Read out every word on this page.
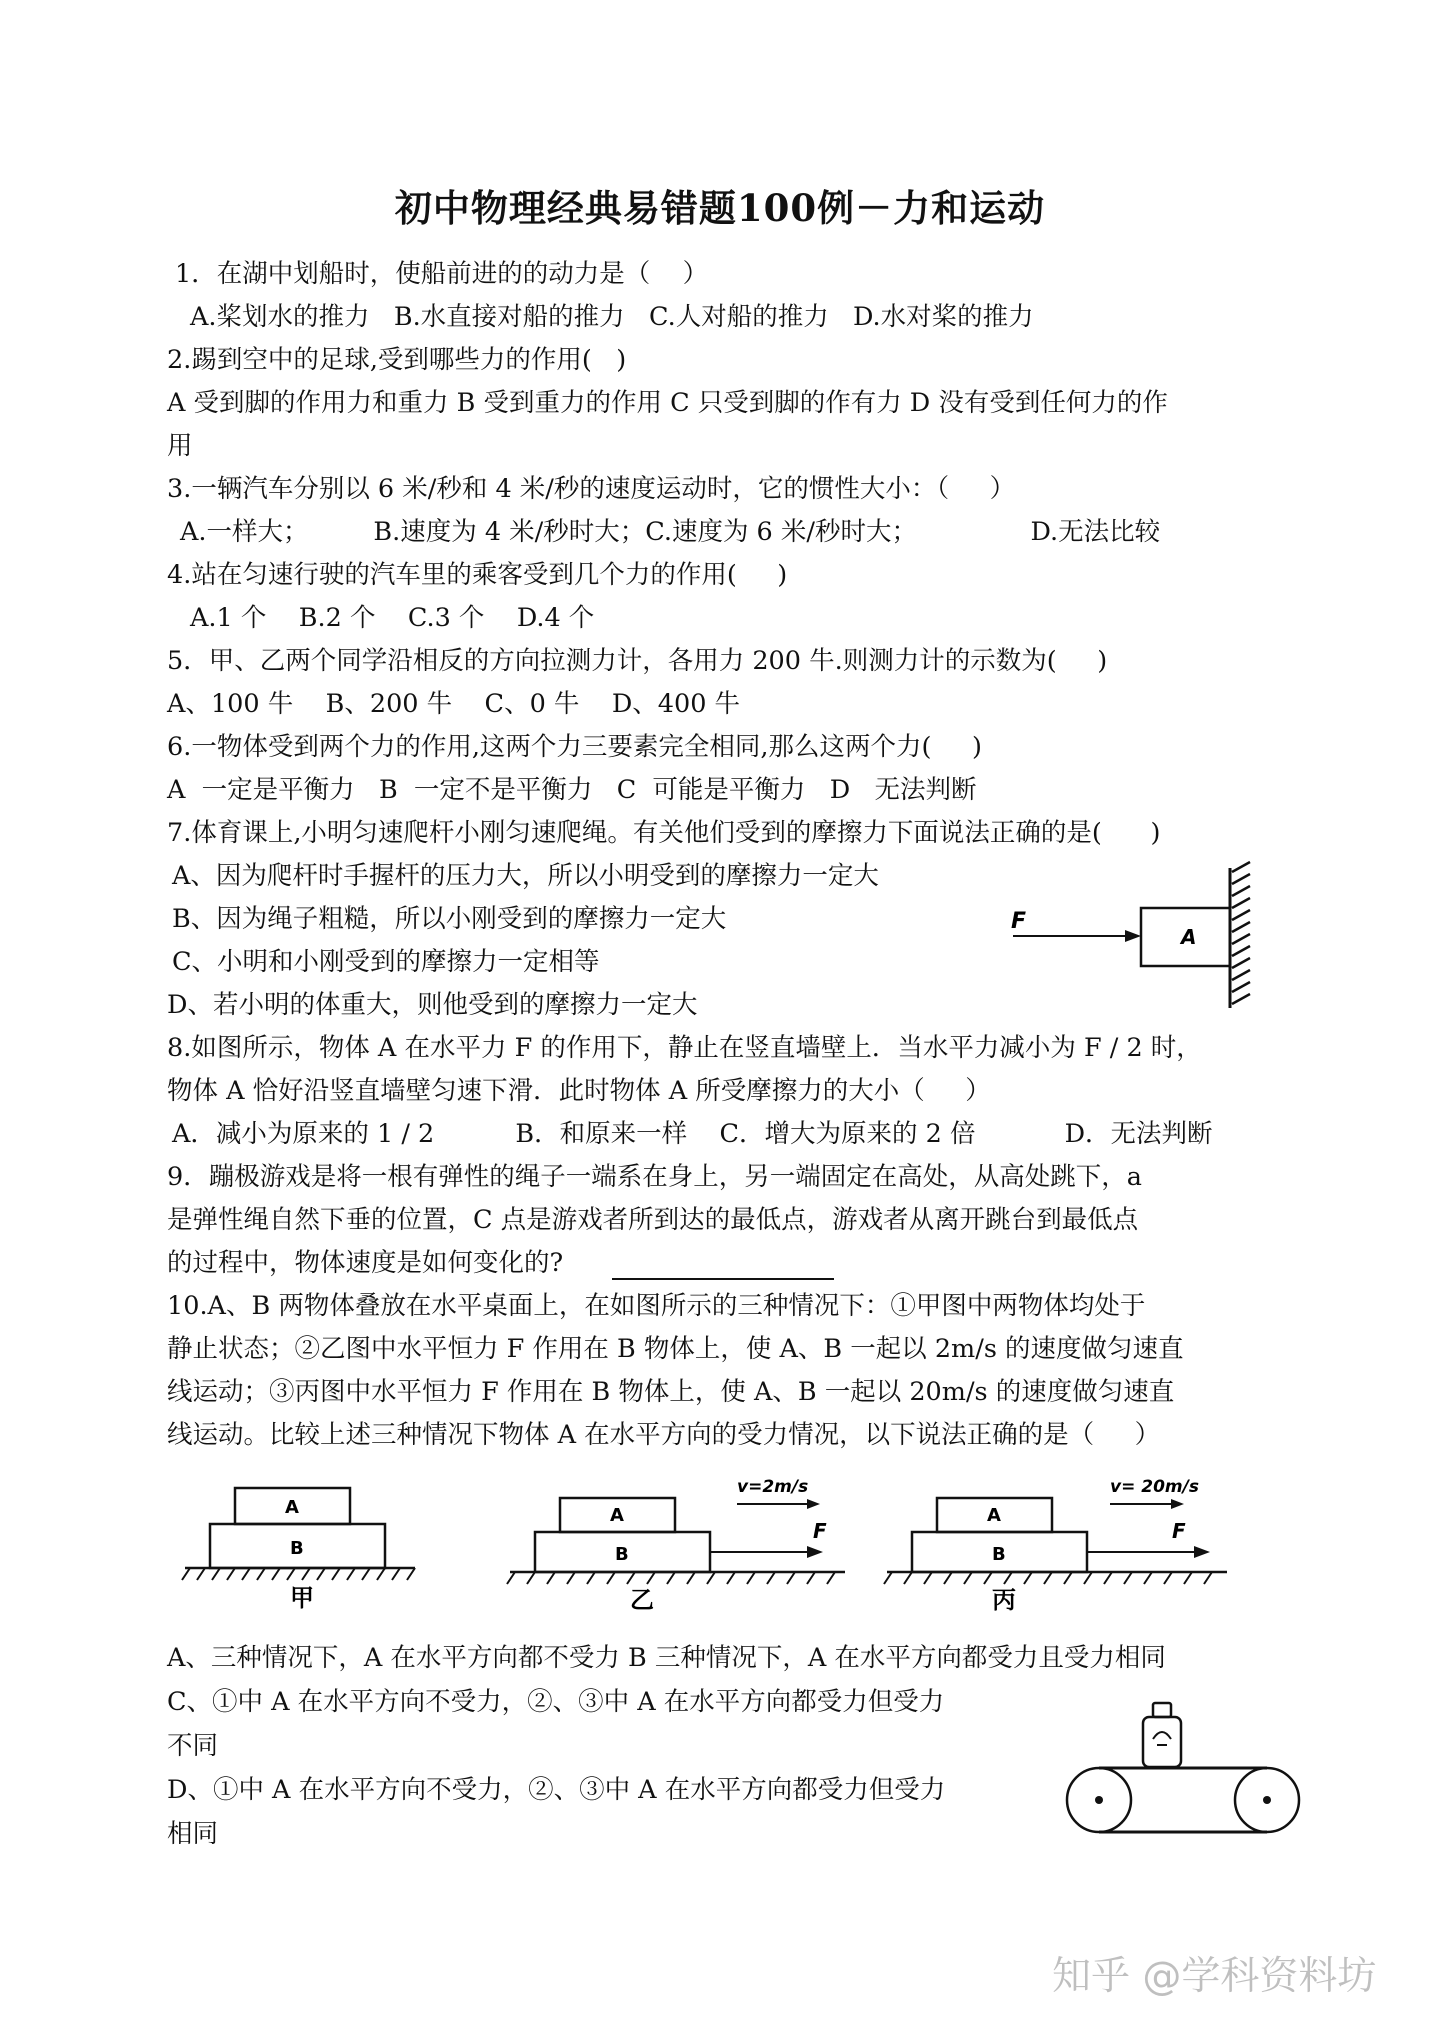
初中物理经典易错题100例－力和运动
1．在湖中划船时，使船前进的的动力是（    ）
A.桨划水的推力   B.水直接对船的推力   C.人对船的推力   D.水对桨的推力
2.踢到空中的足球,受到哪些力的作用(   )
A 受到脚的作用力和重力 B 受到重力的作用 C 只受到脚的作有力 D 没有受到任何力的作
用
3.一辆汽车分别以 6 米/秒和 4 米/秒的速度运动时，它的惯性大小：（     ）
A.一样大；        B.速度为 4 米/秒时大；C.速度为 6 米/秒时大；              D.无法比较
4.站在匀速行驶的汽车里的乘客受到几个力的作用(     )
A.1 个    B.2 个    C.3 个    D.4 个
5．甲、乙两个同学沿相反的方向拉测力计，各用力 200 牛.则测力计的示数为(     )
A、100 牛    B、200 牛    C、0 牛    D、400 牛
6.一物体受到两个力的作用,这两个力三要素完全相同,那么这两个力(     )
A  一定是平衡力   B  一定不是平衡力   C  可能是平衡力   D   无法判断
7.体育课上,小明匀速爬杆小刚匀速爬绳。有关他们受到的摩擦力下面说法正确的是(      )
A、因为爬杆时手握杆的压力大，所以小明受到的摩擦力一定大
B、因为绳子粗糙，所以小刚受到的摩擦力一定大
C、小明和小刚受到的摩擦力一定相等
D、若小明的体重大，则他受到的摩擦力一定大
8.如图所示，物体 A 在水平力 F 的作用下，静止在竖直墙壁上．当水平力减小为 F / 2 时，
物体 A 恰好沿竖直墙壁匀速下滑．此时物体 A 所受摩擦力的大小（     ）
A．减小为原来的 1 / 2          B．和原来一样    C．增大为原来的 2 倍           D．无法判断
9．蹦极游戏是将一根有弹性的绳子一端系在身上，另一端固定在高处，从高处跳下，a
是弹性绳自然下垂的位置，C 点是游戏者所到达的最低点，游戏者从离开跳台到最低点
的过程中，物体速度是如何变化的?
10.A、B 两物体叠放在水平桌面上，在如图所示的三种情况下：①甲图中两物体均处于
静止状态；②乙图中水平恒力 F 作用在 B 物体上，使 A、B 一起以 2m/s 的速度做匀速直
线运动；③丙图中水平恒力 F 作用在 B 物体上，使 A、B 一起以 20m/s 的速度做匀速直
线运动。比较上述三种情况下物体 A 在水平方向的受力情况，以下说法正确的是（     ）
A、三种情况下，A 在水平方向都不受力 B 三种情况下，A 在水平方向都受力且受力相同
C、①中 A 在水平方向不受力，②、③中 A 在水平方向都受力但受力
不同
D、①中 A 在水平方向不受力，②、③中 A 在水平方向都受力但受力
相同
A
F
A
B
甲
v=2m/s
F
A
B
乙
v= 20m/s
F
A
B
丙
知乎 @学科资料坊
